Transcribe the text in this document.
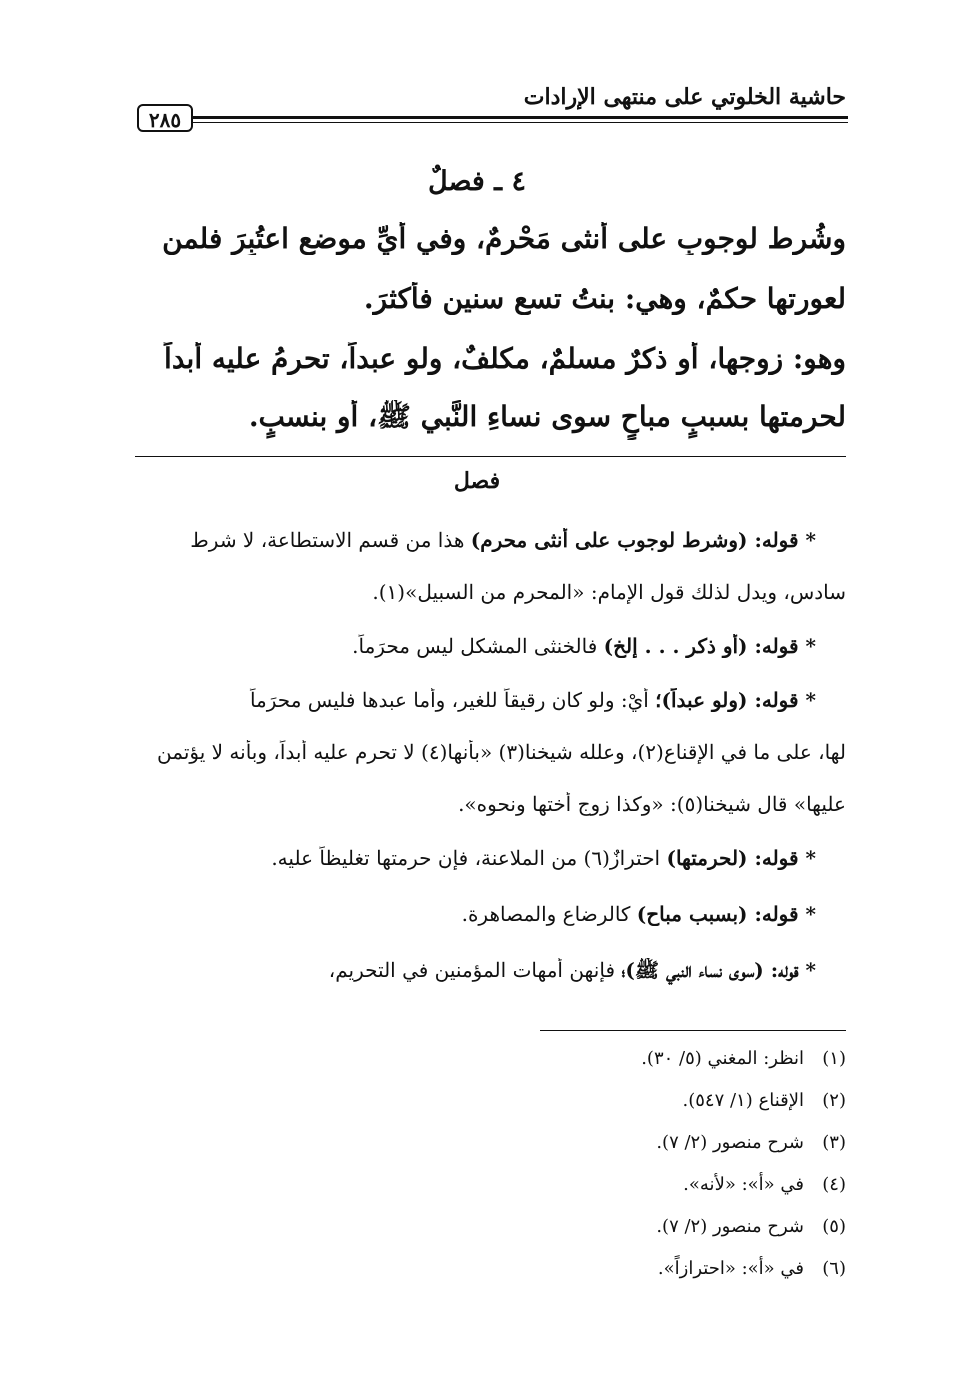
حاشية الخلوتي على منتهى الإرادات
٢٨٥
٤ ـ فصلٌ
وشُرط لوجوبٍ على أُنثى مَحْرمٌ، وفي أيِّ موضعٍ اعتُبِرَ فلمن
لعورتها حكمٌ، وهي: بنتُ تسع سنين فأكثرَ.
وهو: زوجها، أو ذكرٌ مسلمٌ، مكلفٌ، ولو عبداً، تحرمُ عليه أبداً
لحرمتها بسببٍ مباحٍ سوى نساءِ النَّبي ﷺ، أو بنسبٍ.
فصل
* قوله: (وشرط لوجوب على أنثى محرم) هذا من قسم الاستطاعة، لا شرط
سادس، ويدل لذلك قول الإمام: «المحرم من السبيل»(١).
* قوله: (أو ذكر . . . إلخ) فالخنثى المشكل ليس محرَماً.
* قوله: (ولو عبداً)؛ أيْ: ولو كان رقيقاً للغير، وأما عبدها فليس محرَماً
لها، على ما في الإقناع(٢)، وعلله شيخنا(٣) «بأنها(٤) لا تحرم عليه أبداً، وبأنه لا يؤتمن
عليها» قال شيخنا(٥): «وكذا زوج أختها ونحوه».
* قوله: (لحرمتها) احترازٌ(٦) من الملاعنة، فإن حرمتها تغليظاً عليه.
* قوله: (بسبب مباح) كالرضاع والمصاهرة.
* قوله: (سوى نساء النبي ﷺ)؛ فإنهن أمهات المؤمنين في التحريم،
(١)انظر: المغني (٥/ ٣٠).
(٢)الإقناع (١/ ٥٤٧).
(٣)شرح منصور (٢/ ٧).
(٤)في «أ»: «لأنه».
(٥)شرح منصور (٢/ ٧).
(٦)في «أ»: «احترازاً».
